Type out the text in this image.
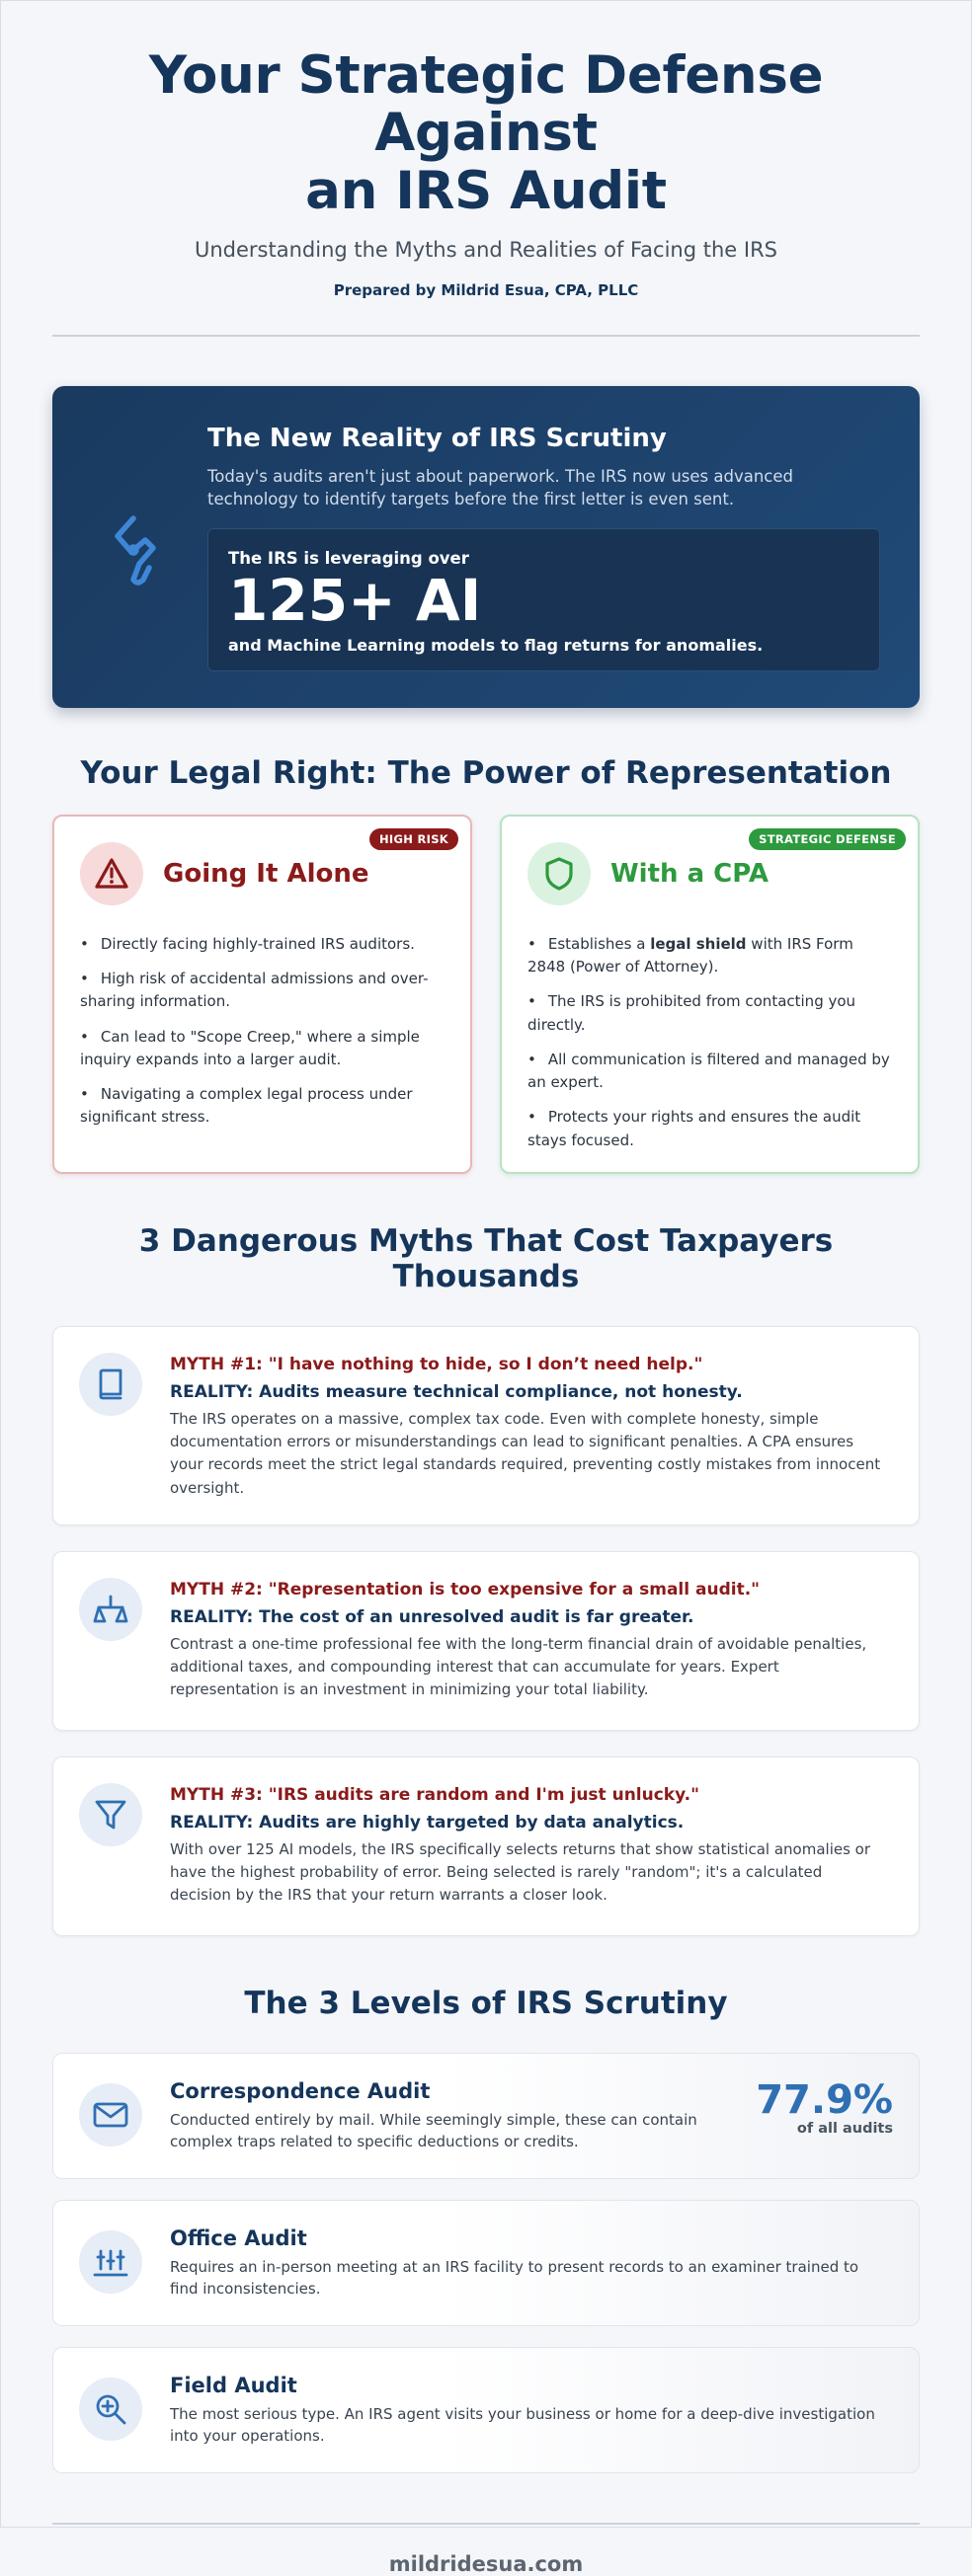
Your Strategic Defense Against
an IRS Audit
Understanding the Myths and Realities of Facing the IRS
Prepared by Mildrid Esua, CPA, PLLC
The New Reality of IRS Scrutiny

Today's audits aren't just about paperwork. The IRS now uses advanced technology to identify targets before the first letter is even sent.

The IRS is leveraging over
125+ AI
and Machine Learning models to flag returns for anomalies.
Your Legal Right: The Power of Representation
HIGH RISK
Going It Alone
• Directly facing highly-trained IRS auditors.
• High risk of accidental admissions and over-sharing information.
• Can lead to "Scope Creep," where a simple inquiry expands into a larger audit.
• Navigating a complex legal process under significant stress.
STRATEGIC DEFENSE
With a CPA
• Establishes a legal shield with IRS Form 2848 (Power of Attorney).
• The IRS is prohibited from contacting you directly.
• All communication is filtered and managed by an expert.
• Protects your rights and ensures the audit stays focused.
3 Dangerous Myths That Cost Taxpayers Thousands
MYTH #1: "I have nothing to hide, so I don’t need help."
REALITY: Audits measure technical compliance, not honesty.
The IRS operates on a massive, complex tax code. Even with complete honesty, simple documentation errors or misunderstandings can lead to significant penalties. A CPA ensures your records meet the strict legal standards required, preventing costly mistakes from innocent oversight.
MYTH #2: "Representation is too expensive for a small audit."
REALITY: The cost of an unresolved audit is far greater.
Contrast a one-time professional fee with the long-term financial drain of avoidable penalties, additional taxes, and compounding interest that can accumulate for years. Expert representation is an investment in minimizing your total liability.
MYTH #3: "IRS audits are random and I'm just unlucky."
REALITY: Audits are highly targeted by data analytics.
With over 125 AI models, the IRS specifically selects returns that show statistical anomalies or have the highest probability of error. Being selected is rarely "random"; it's a calculated decision by the IRS that your return warrants a closer look.
The 3 Levels of IRS Scrutiny
Correspondence Audit

Conducted entirely by mail. While seemingly simple, these can contain complex traps related to specific deductions or credits.

77.9%
of all audits
Office Audit

Requires an in-person meeting at an IRS facility to present records to an examiner trained to find inconsistencies.

Field Audit

The most serious type. An IRS agent visits your business or home for a deep-dive investigation into your operations.

mildridesua.com
